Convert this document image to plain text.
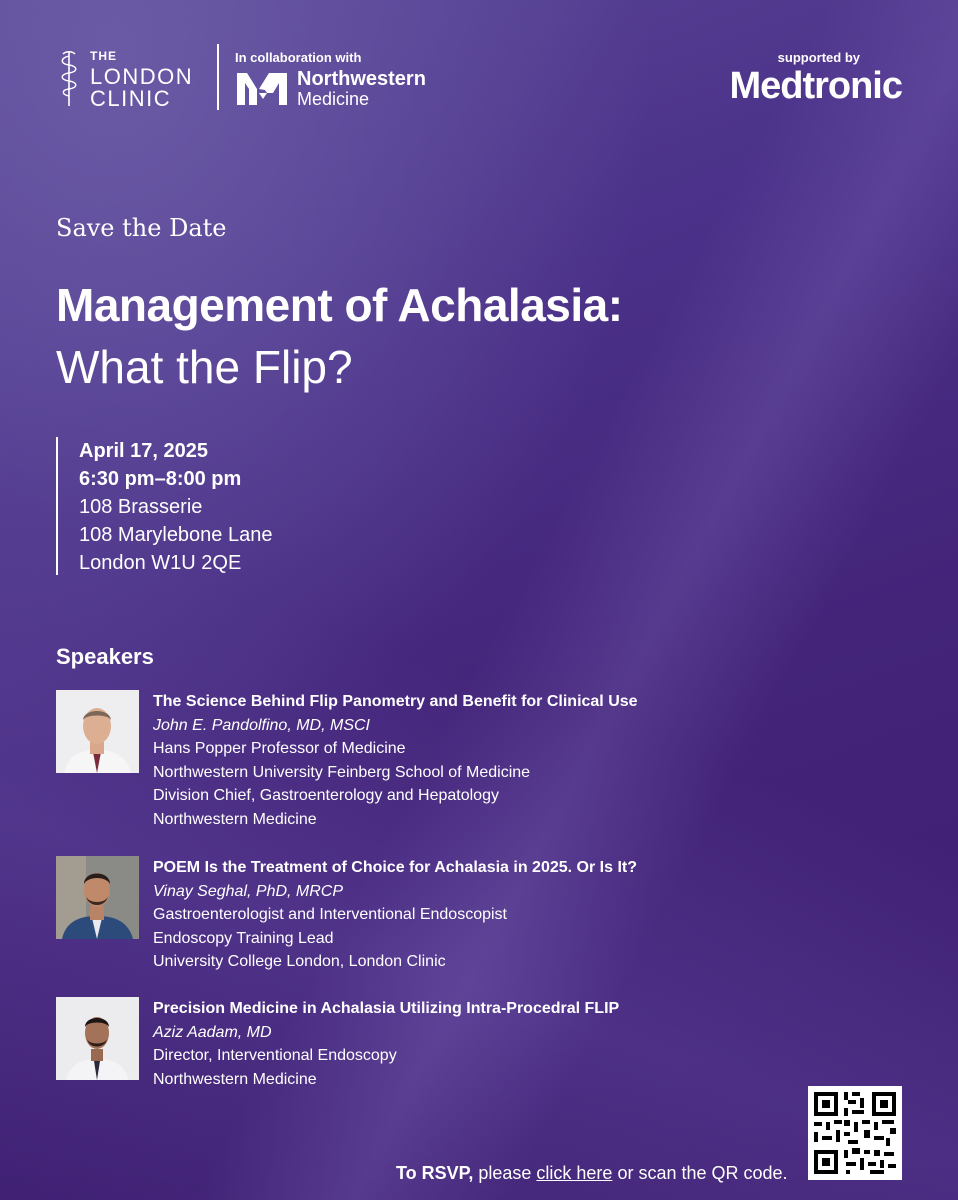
THE
LONDON
CLINIC
In collaboration with
Northwestern
Medicine
supported by
Medtronic
Save the Date
Management of Achalasia:
What the Flip?
April 17, 2025
6:30 pm–8:00 pm
108 Brasserie
108 Marylebone Lane
London W1U 2QE
Speakers
The Science Behind Flip Panometry and Benefit for Clinical Use
John E. Pandolfino, MD, MSCI
Hans Popper Professor of Medicine
Northwestern University Feinberg School of Medicine
Division Chief, Gastroenterology and Hepatology
Northwestern Medicine
POEM Is the Treatment of Choice for Achalasia in 2025. Or Is It?
Vinay Seghal, PhD, MRCP
Gastroenterologist and Interventional Endoscopist
Endoscopy Training Lead
University College London, London Clinic
Precision Medicine in Achalasia Utilizing Intra-Procedral FLIP
Aziz Aadam, MD
Director, Interventional Endoscopy
Northwestern Medicine
To RSVP, please click here or scan the QR code.
